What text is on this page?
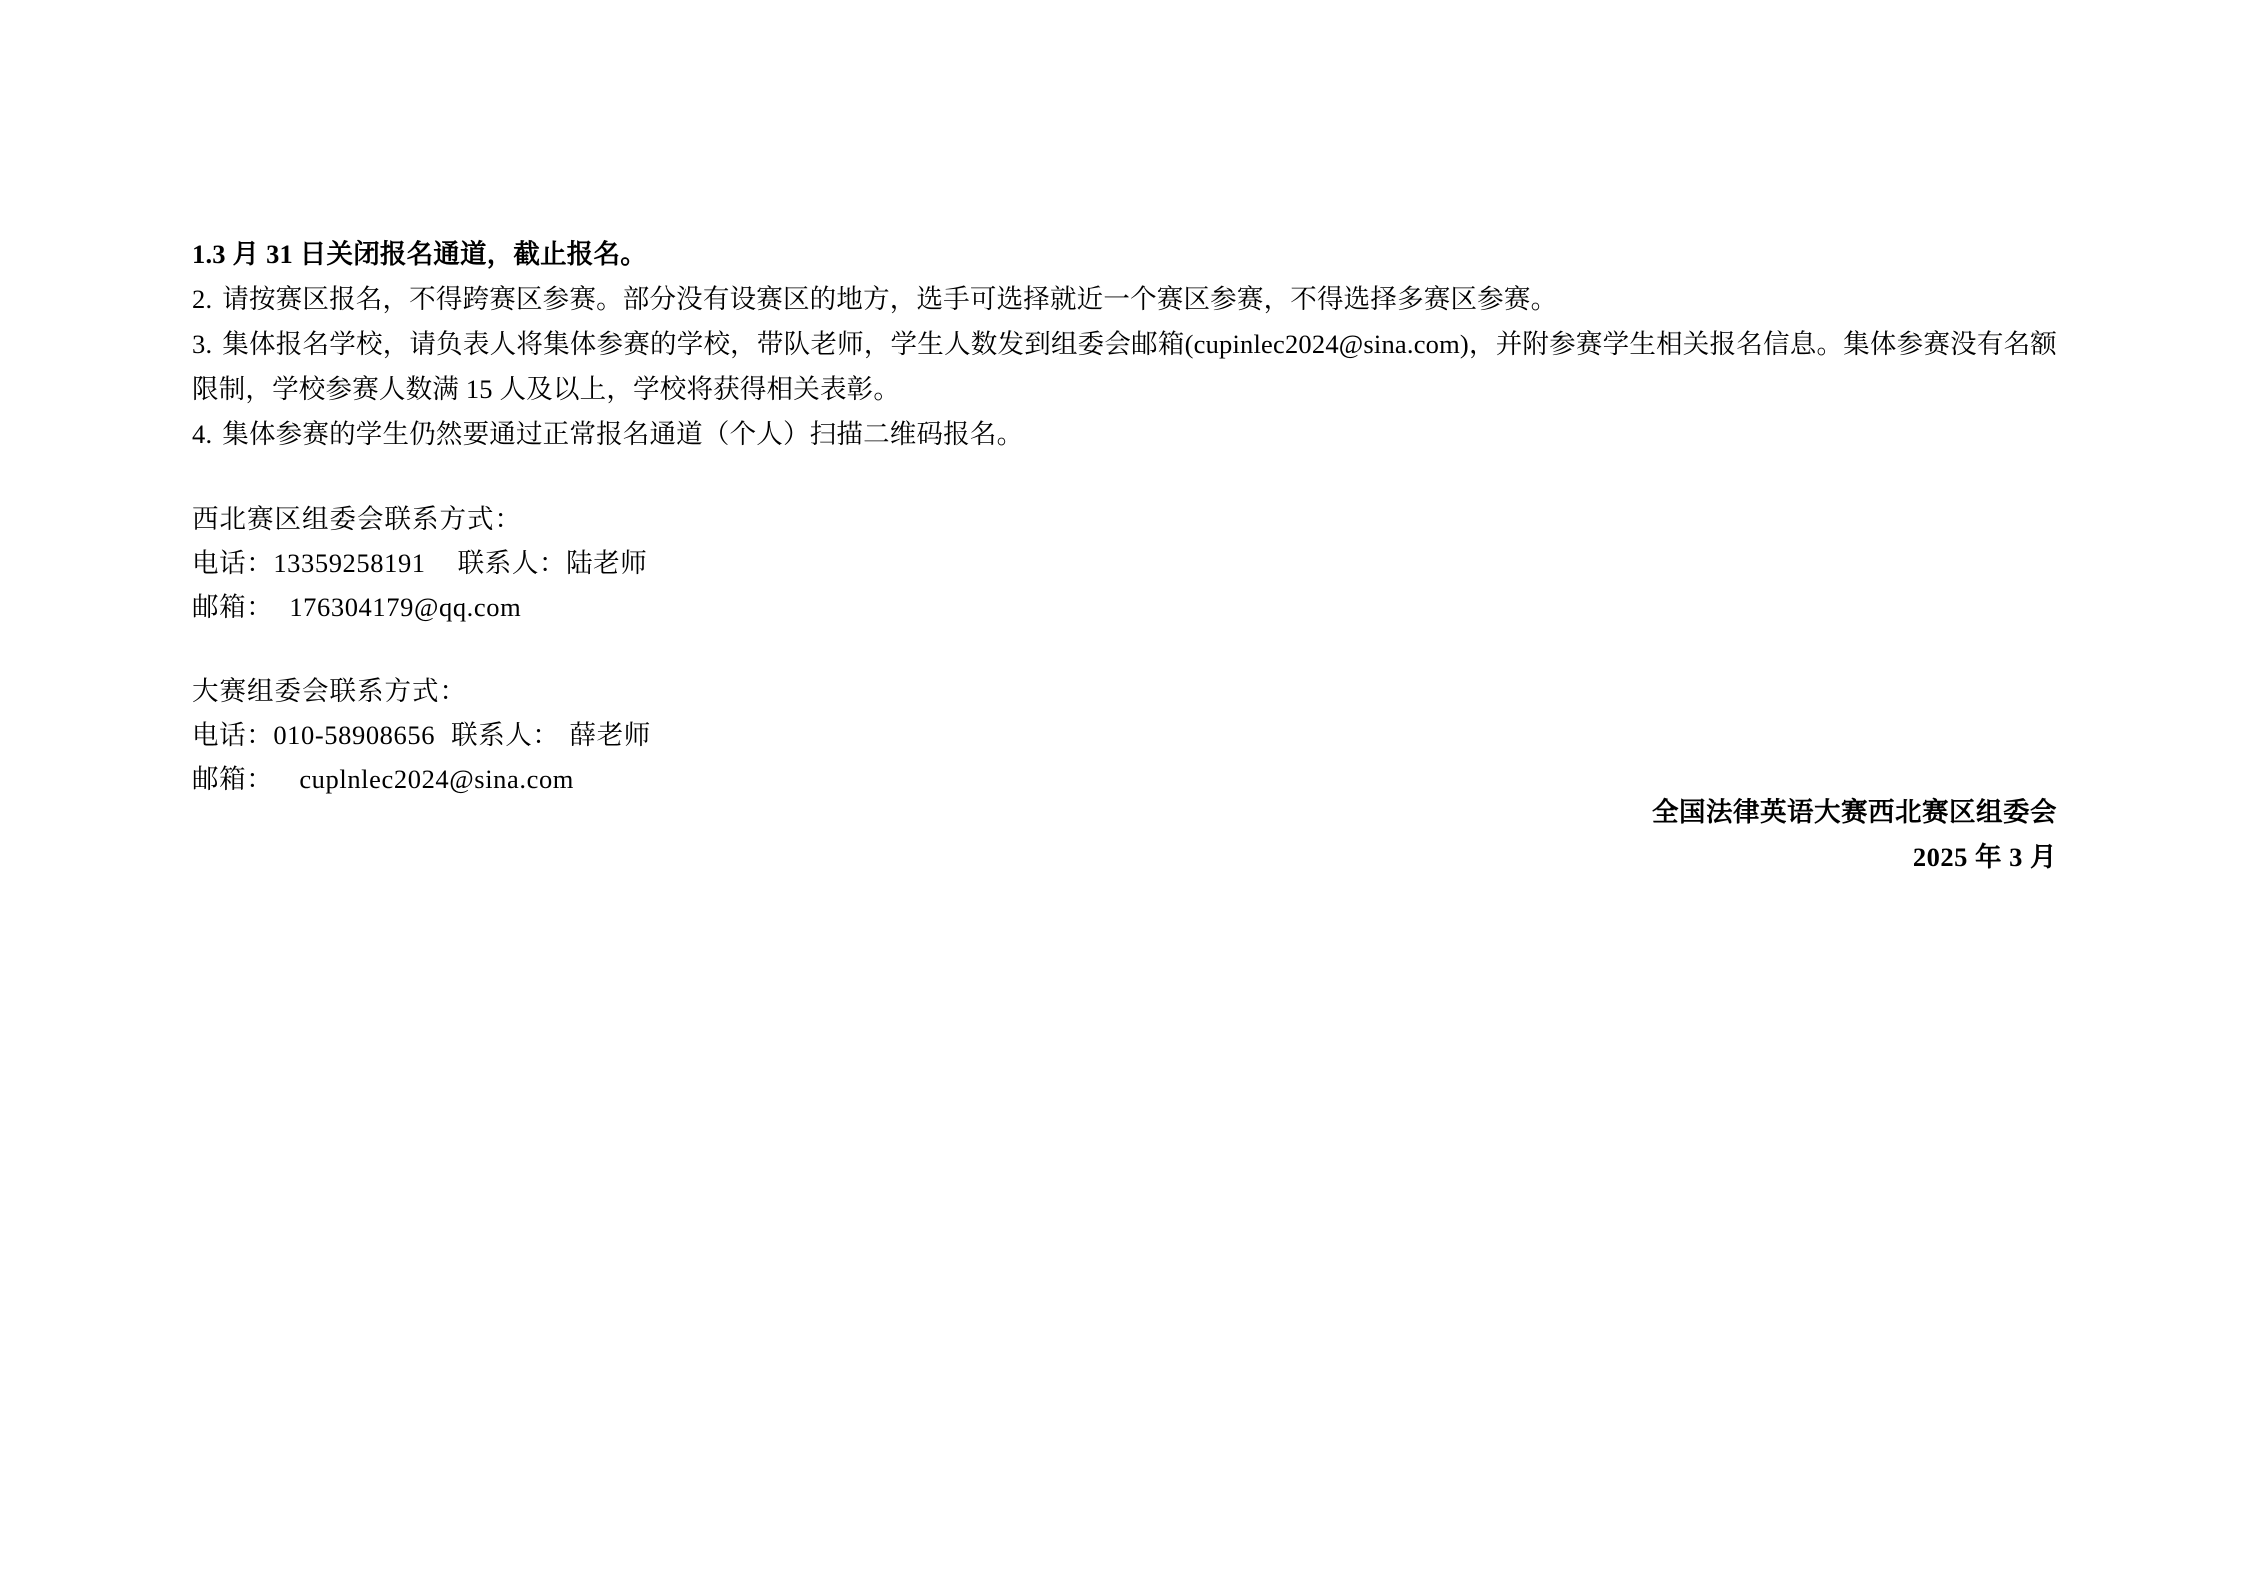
1.3 月 31 日关闭报名通道，截止报名。

2. 请按赛区报名，不得跨赛区参赛。部分没有设赛区的地方，选手可选择就近一个赛区参赛，不得选择多赛区参赛。

3. 集体报名学校，请负表人将集体参赛的学校，带队老师，学生人数发到组委会邮箱(cupinlec2024@sina.com)，并附参赛学生相关报名信息。集体参赛没有名额限制，学校参赛人数满 15 人及以上，学校将获得相关表彰。

4. 集体参赛的学生仍然要通过正常报名通道（个人）扫描二维码报名。

西北赛区组委会联系方式：

电话：13359258191 联系人：陆老师

邮箱： 176304179@qq.com

大赛组委会联系方式：

电话：010-58908656 联系人： 薛老师

邮箱： cuplnlec2024@sina.com

全国法律英语大赛西北赛区组委会

2025 年 3 月
